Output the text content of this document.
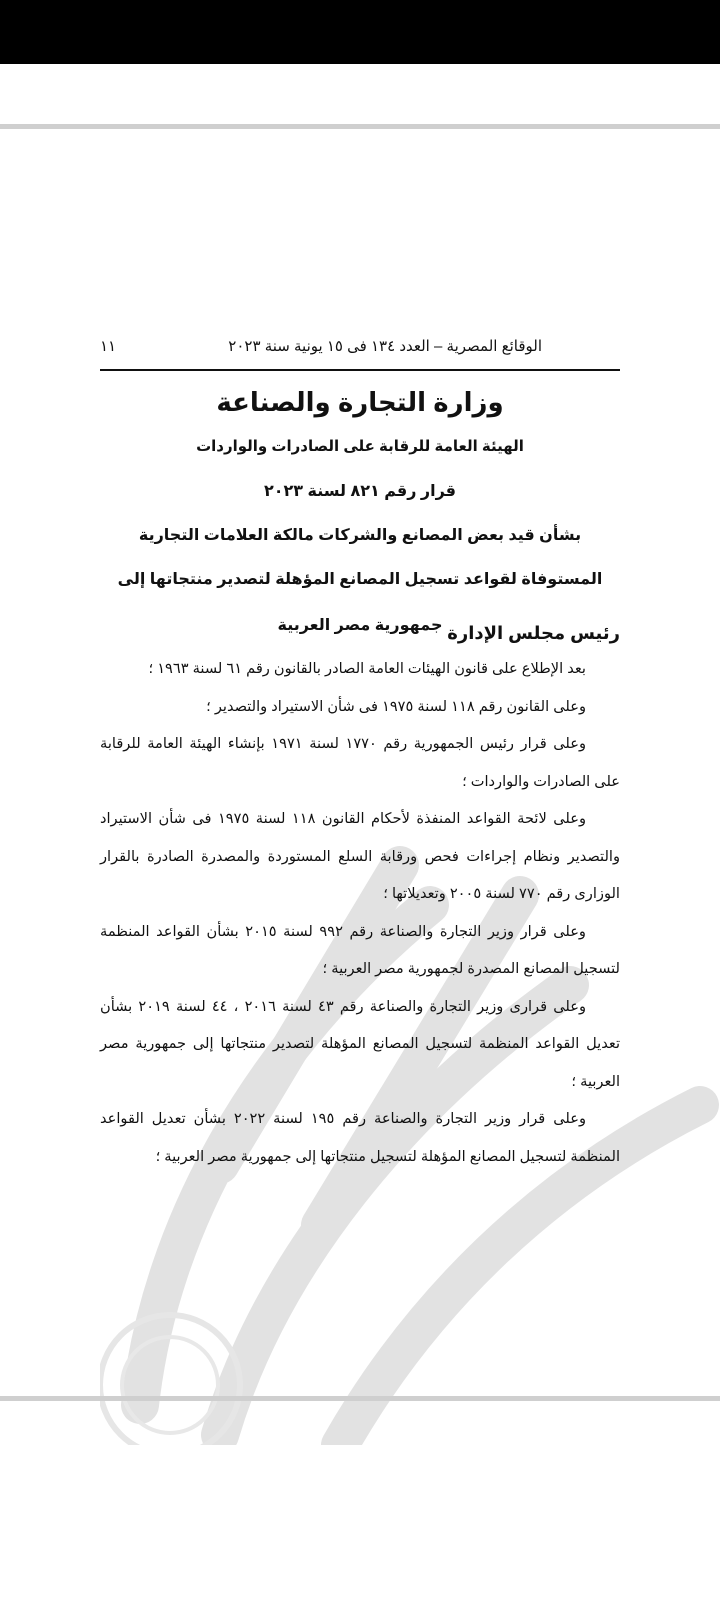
الوقائع المصرية – العدد ١٣٤ فى ١٥ يونية سنة ٢٠٢٣
١١
وزارة التجارة والصناعة
الهيئة العامة للرقابة على الصادرات والواردات
قرار رقم ٨٢١ لسنة ٢٠٢٣
بشأن قيد بعض المصانع والشركات مالكة العلامات التجارية
المستوفاة لقواعد تسجيل المصانع المؤهلة لتصدير منتجاتها إلى
جمهورية مصر العربية رئيس مجلس الإدارة

بعد الإطلاع على قانون الهيئات العامة الصادر بالقانون رقم ٦١ لسنة ١٩٦٣ ؛

وعلى القانون رقم ١١٨ لسنة ١٩٧٥ فى شأن الاستيراد والتصدير ؛

وعلى قرار رئيس الجمهورية رقم ١٧٧٠ لسنة ١٩٧١ بإنشاء الهيئة العامة للرقابة على الصادرات والواردات ؛

وعلى لائحة القواعد المنفذة لأحكام القانون ١١٨ لسنة ١٩٧٥ فى شأن الاستيراد والتصدير ونظام إجراءات فحص ورقابة السلع المستوردة والمصدرة الصادرة بالقرار الوزارى رقم ٧٧٠ لسنة ٢٠٠٥ وتعديلاتها ؛

وعلى قرار وزير التجارة والصناعة رقم ٩٩٢ لسنة ٢٠١٥ بشأن القواعد المنظمة لتسجيل المصانع المصدرة لجمهورية مصر العربية ؛

وعلى قرارى وزير التجارة والصناعة رقم ٤٣ لسنة ٢٠١٦ ، ٤٤ لسنة ٢٠١٩ بشأن تعديل القواعد المنظمة لتسجيل المصانع المؤهلة لتصدير منتجاتها إلى جمهورية مصر العربية ؛

وعلى قرار وزير التجارة والصناعة رقم ١٩٥ لسنة ٢٠٢٢ بشأن تعديل القواعد المنظمة لتسجيل المصانع المؤهلة لتسجيل منتجاتها إلى جمهورية مصر العربية ؛
